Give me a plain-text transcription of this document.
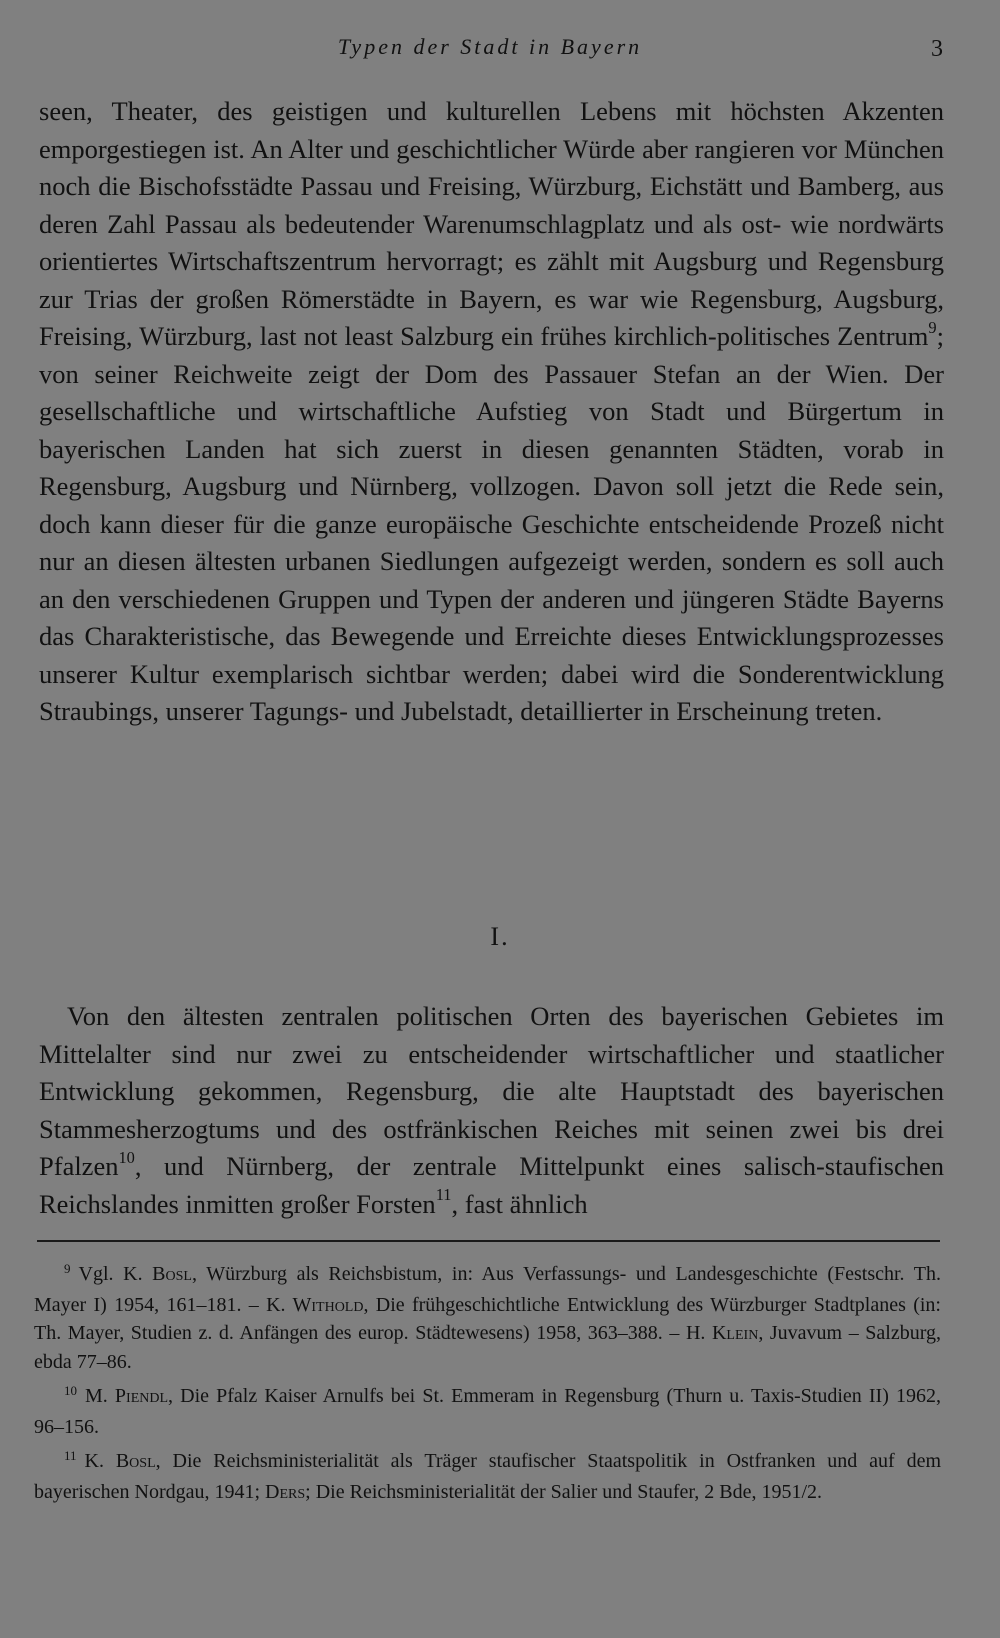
Typen der Stadt in Bayern	3

seen, Theater, des geistigen und kulturellen Lebens mit höchsten Akzenten emporgestiegen ist. An Alter und geschichtlicher Würde aber rangieren vor München noch die Bischofsstädte Passau und Freising, Würzburg, Eichstätt und Bamberg, aus deren Zahl Passau als bedeutender Warenumschlagplatz und als ost- wie nordwärts orientiertes Wirtschaftszentrum hervorragt; es zählt mit Augsburg und Regensburg zur Trias der großen Römerstädte in Bayern, es war wie Regensburg, Augsburg, Freising, Würzburg, last not least Salzburg ein frühes kirchlich-politisches Zentrum$^9$; von seiner Reichweite zeigt der Dom des Passauer Stefan an der Wien. Der gesellschaftliche und wirtschaftliche Aufstieg von Stadt und Bürgertum in bayerischen Landen hat sich zuerst in diesen genannten Städten, vorab in Regensburg, Augsburg und Nürnberg, vollzogen. Davon soll jetzt die Rede sein, doch kann dieser für die ganze europäische Geschichte entscheidende Prozeß nicht nur an diesen ältesten urbanen Siedlungen aufgezeigt werden, sondern es soll auch an den verschiedenen Gruppen und Typen der anderen und jüngeren Städte Bayerns das Charakteristische, das Bewegende und Erreichte dieses Entwicklungsprozesses unserer Kultur exemplarisch sichtbar werden; dabei wird die Sonderentwicklung Straubings, unserer Tagungs- und Jubelstadt, detaillierter in Erscheinung treten.

I.

Von den ältesten zentralen politischen Orten des bayerischen Gebietes im Mittelalter sind nur zwei zu entscheidender wirtschaftlicher und staatlicher Entwicklung gekommen, Regensburg, die alte Hauptstadt des bayerischen Stammesherzogtums und des ostfränkischen Reiches mit seinen zwei bis drei Pfalzen$^{10}$, und Nürnberg, der zentrale Mittelpunkt eines salisch-staufischen Reichslandes inmitten großer Forsten$^{11}$, fast ähnlich

$^9$ Vgl. K. Bosl, Würzburg als Reichsbistum, in: Aus Verfassungs- und Landesgeschichte (Festschr. Th. Mayer I) 1954, 161–181. – K. Withold, Die frühgeschichtliche Entwicklung des Würzburger Stadtplanes (in: Th. Mayer, Studien z. d. Anfängen des europ. Städtewesens) 1958, 363–388. – H. Klein, Juvavum – Salzburg, ebda 77–86.

$^{10}$ M. Piendl, Die Pfalz Kaiser Arnulfs bei St. Emmeram in Regensburg (Thurn u. Taxis-Studien II) 1962, 96–156.

$^{11}$ K. Bosl, Die Reichsministerialität als Träger staufischer Staatspolitik in Ostfranken und auf dem bayerischen Nordgau, 1941; Ders; Die Reichsministerialität der Salier und Staufer, 2 Bde, 1951/2.
